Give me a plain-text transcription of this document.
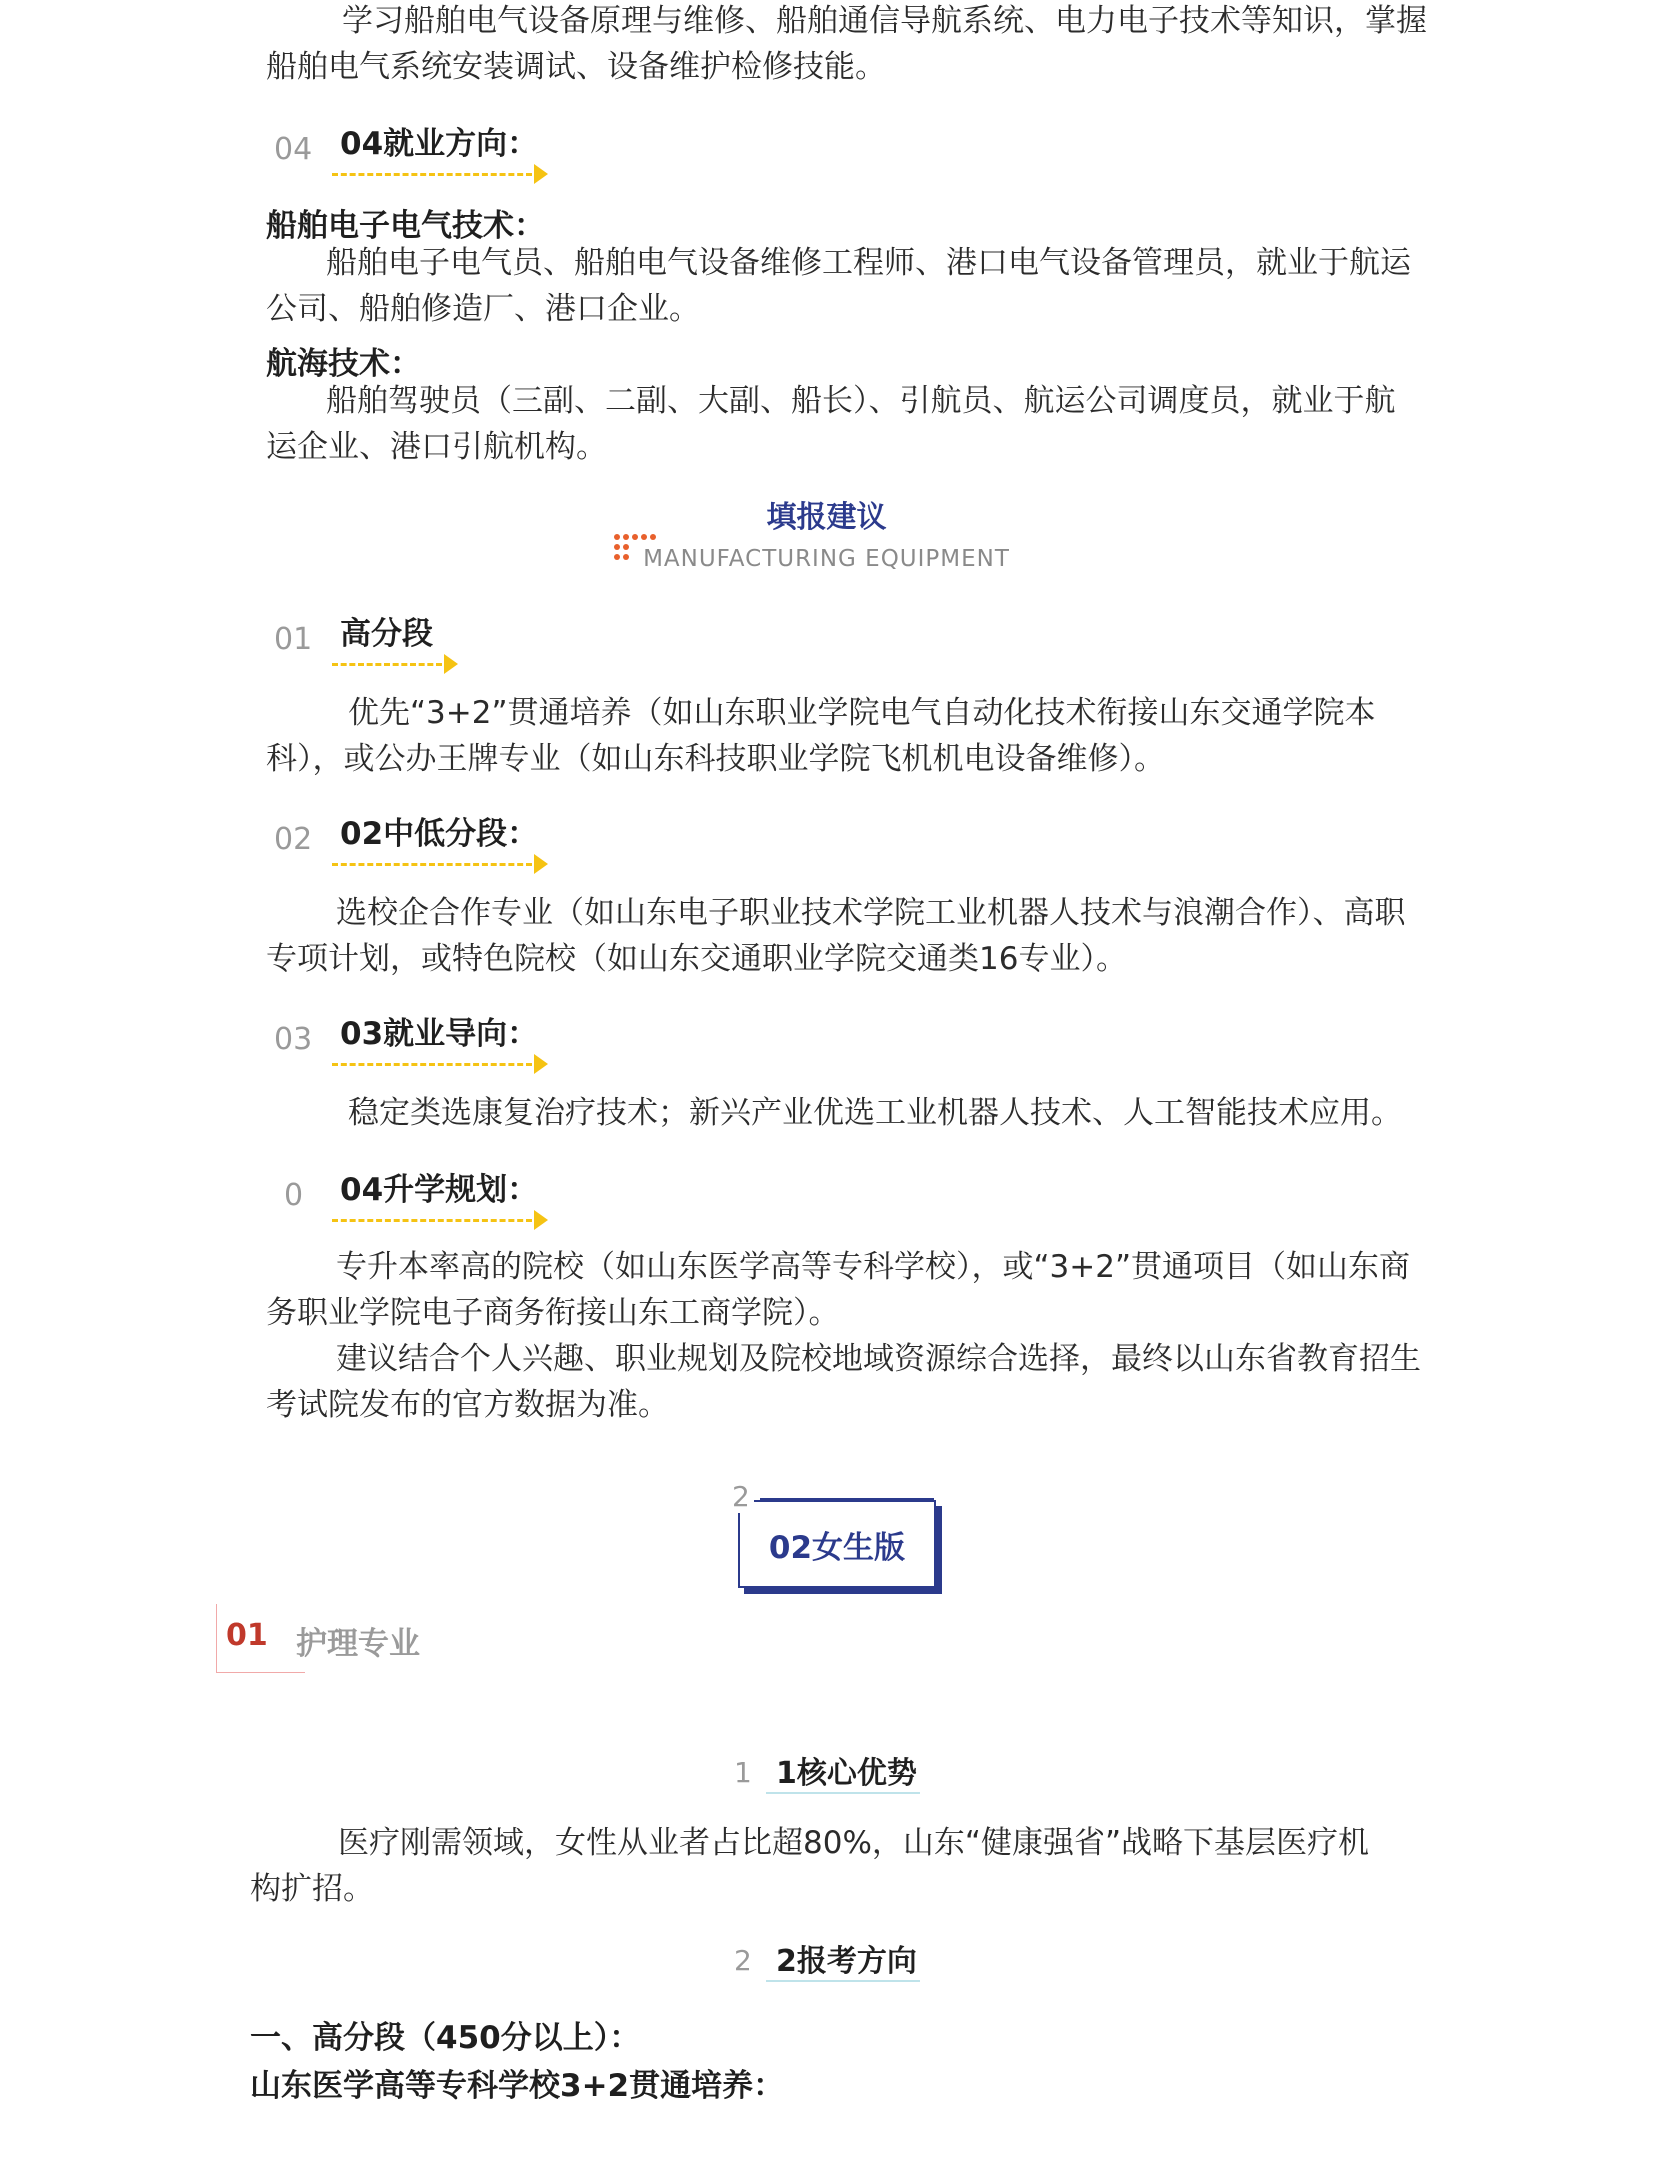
学习船舶电气设备原理与维修、船舶通信导航系统、电力电子技术等知识，掌握
船舶电气系统安装调试、设备维护检修技能。
04 04就业方向：
船舶电子电气技术：
船舶电子电气员、船舶电气设备维修工程师、港口电气设备管理员，就业于航运
公司、船舶修造厂、港口企业。
航海技术：
船舶驾驶员（三副、二副、大副、船长）、引航员、航运公司调度员，就业于航
运企业、港口引航机构。
填报建议
MANUFACTURING EQUIPMENT
01 高分段
优先“3+2”贯通培养（如山东职业学院电气自动化技术衔接山东交通学院本
科），或公办王牌专业（如山东科技职业学院飞机机电设备维修）。
02 02中低分段：
选校企合作专业（如山东电子职业技术学院工业机器人技术与浪潮合作）、高职
专项计划，或特色院校（如山东交通职业学院交通类16专业）。
03 03就业导向：
稳定类选康复治疗技术；新兴产业优选工业机器人技术、人工智能技术应用。
0 04升学规划：
专升本率高的院校（如山东医学高等专科学校），或“3+2”贯通项目（如山东商
务职业学院电子商务衔接山东工商学院）。
建议结合个人兴趣、职业规划及院校地域资源综合选择，最终以山东省教育招生
考试院发布的官方数据为准。
02女生版
2
01 护理专业
1 1核心优势
医疗刚需领域，女性从业者占比超80%，山东“健康强省”战略下基层医疗机
构扩招。
2 2报考方向
一、高分段（450分以上）：
山东医学高等专科学校3+2贯通培养：
